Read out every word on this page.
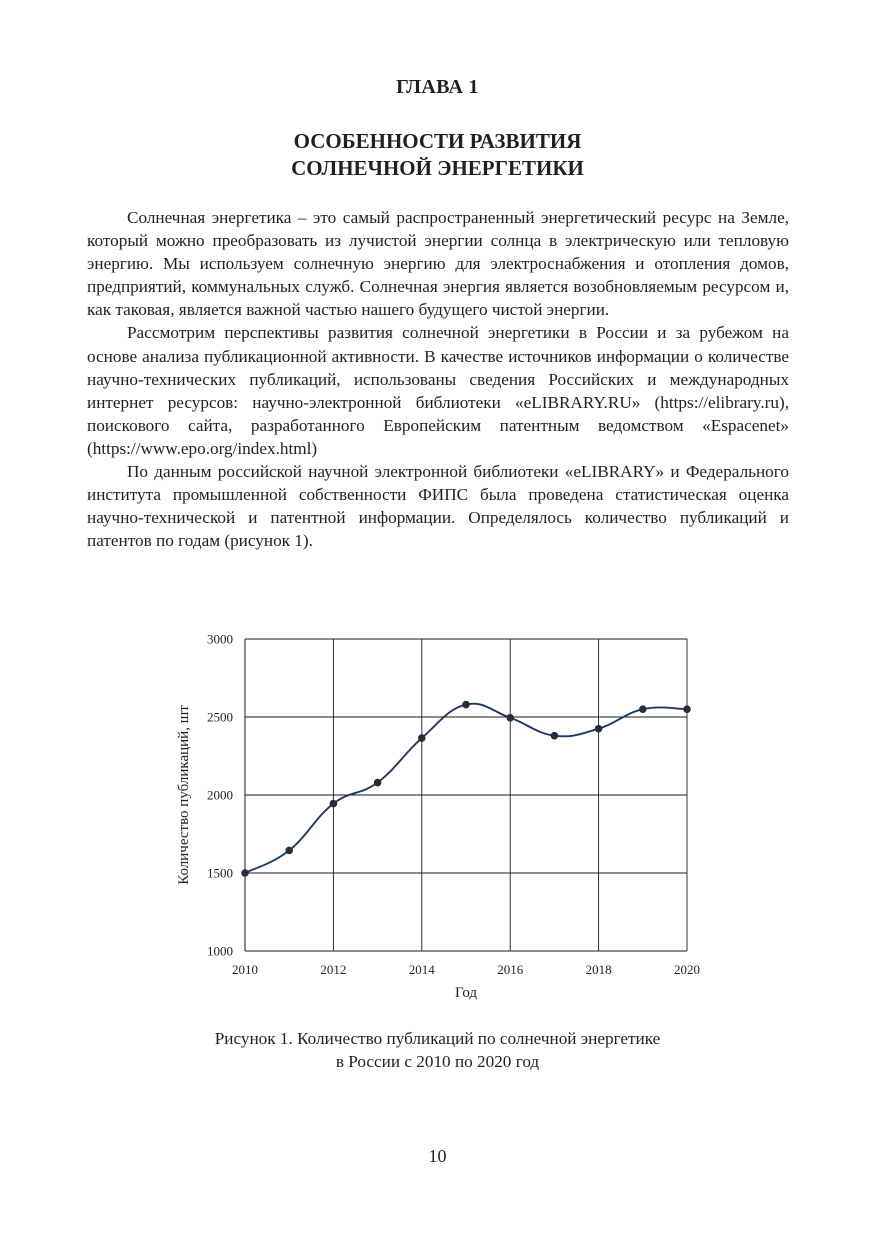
ГЛАВА 1
ОСОБЕННОСТИ РАЗВИТИЯ
СОЛНЕЧНОЙ ЭНЕРГЕТИКИ

Солнечная энергетика – это самый распространенный энергетический ресурс на Земле, который можно преобразовать из лучистой энергии солнца в электрическую или тепловую энергию. Мы используем солнечную энергию для электроснабжения и отопления домов, предприятий, коммунальных служб. Солнечная энергия является возобновляемым ресурсом и, как таковая, является важной частью нашего будущего чистой энергии.

Рассмотрим перспективы развития солнечной энергетики в России и за рубежом на основе анализа публикационной активности. В качестве источников информации о количестве научно-технических публикаций, использованы сведения Российских и международных интернет ресурсов: научно-электронной библиотеки «eLIBRARY.RU» (https://elibrary.ru), поискового сайта, разработанного Европейским патентным ведомством «Espacenet» (https://www.epo.org/index.html)

По данным российской научной электронной библиотеки «eLIBRARY» и Федерального института промышленной собственности ФИПС была проведена статистическая оценка научно-технической и патентной информации. Определялось количество публикаций и патентов по годам (рисунок 1).

1000
1500
2000
2500
3000
2010	2012	2014	2016	2018	2020
Год
Количество публикаций, шт
Рисунок 1. Количество публикаций по солнечной энергетике
в России с 2010 по 2020 год
10
